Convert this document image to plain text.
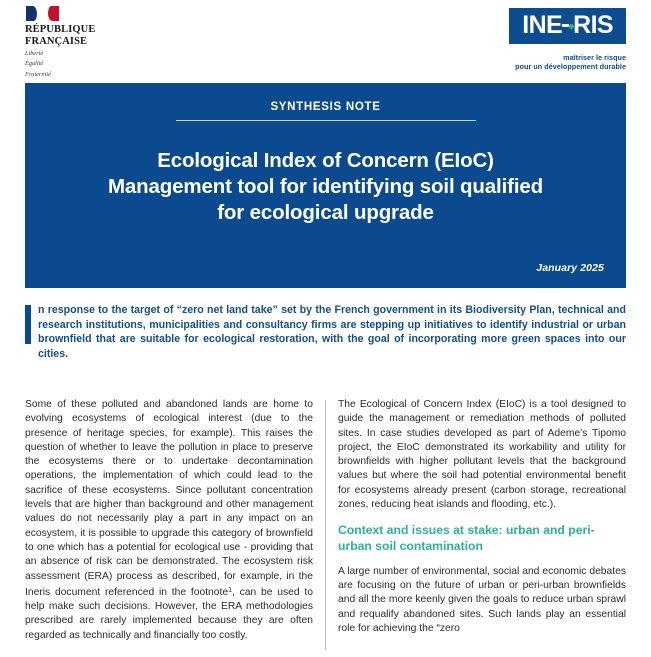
RÉPUBLIQUE
FRANÇAISE
Liberté
Égalité
Fraternité
INE RIS
maîtriser le risque
pour un développement durable
SYNTHESIS NOTE
Ecological Index of Concern (EIoC)
Management tool for identifying soil qualified
for ecological upgrade
January 2025
n response to the target of “zero net land take” set by the French government in its Biodiversity Plan, technical and research institutions, municipalities and consultancy firms are stepping up initiatives to identify industrial or urban brownfield that are suitable for ecological restoration, with the goal of incorporating more green spaces into our cities.

Some of these polluted and abandoned lands are home to evolving ecosystems of ecological interest (due to the presence of heritage species, for example). This raises the question of whether to leave the pollution in place to preserve the ecosystems there or to undertake decontamination operations, the implementation of which could lead to the sacrifice of these ecosystems. Since pollutant concentration levels that are higher than background and other management values do not necessarily play a part in any impact on an ecosystem, it is possible to upgrade this category of brownfield to one which has a potential for ecological use - providing that an absence of risk can be demonstrated. The ecosystem risk assessment (ERA) process as described, for example, in the Ineris document referenced in the footnote$^1$, can be used to help make such decisions. However, the ERA methodologies prescribed are rarely implemented because they are often regarded as technically and financially too costly.

The Ecological of Concern Index (EIoC) is a tool designed to guide the management or remediation methods of polluted sites. In case studies developed as part of Ademe’s Tipomo project, the EIoC demonstrated its workability and utility for brownfields with higher pollutant levels that the background values but where the soil had potential environmental benefit for ecosystems already present (carbon storage, recreational zones, reducing heat islands and flooding, etc.).

Context and issues at stake: urban and peri-urban soil contamination

A large number of environmental, social and economic debates are focusing on the future of urban or peri-urban brownfields and all the more keenly given the goals to reduce urban sprawl and requalify abandoned sites. Such lands play an essential role for achieving the “zero
